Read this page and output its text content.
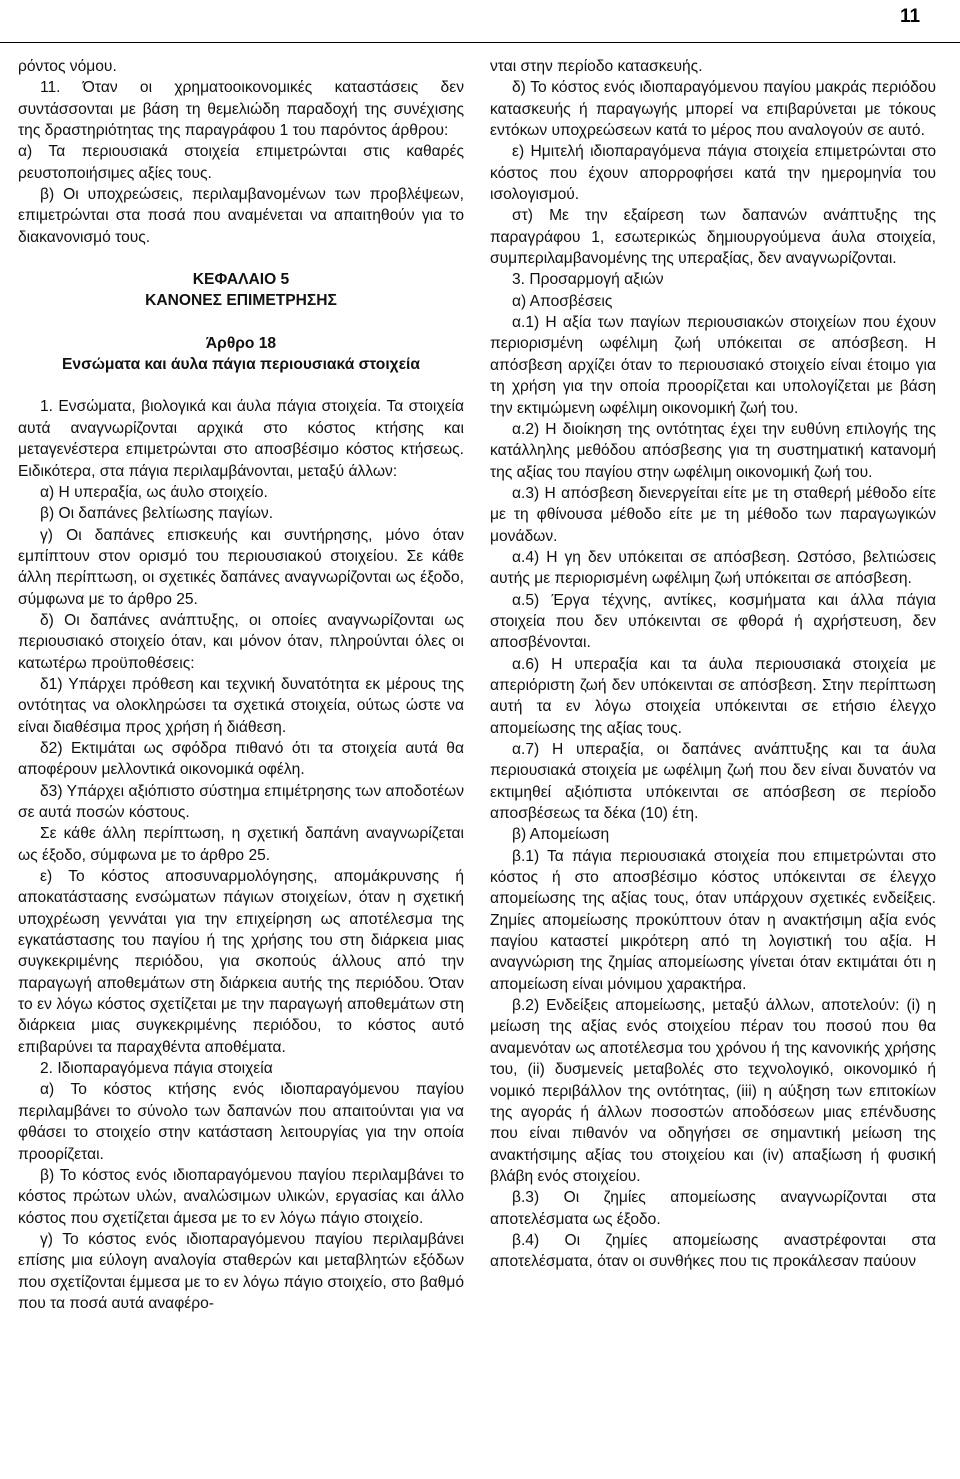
11

ρόντος νόμου.

11. Όταν οι χρηματοοικονομικές καταστάσεις δεν συντάσσονται με βάση τη θεμελιώδη παραδοχή της συνέχισης της δραστηριότητας της παραγράφου 1 του παρόντος άρθρου:

α) Τα περιουσιακά στοιχεία επιμετρώνται στις καθαρές ρευστοποιήσιμες αξίες τους.

β) Οι υποχρεώσεις, περιλαμβανομένων των προβλέψεων, επιμετρώνται στα ποσά που αναμένεται να απαιτηθούν για το διακανονισμό τους.

ΚΕΦΑΛΑΙΟ 5

ΚΑΝΟΝΕΣ ΕΠΙΜΕΤΡΗΣΗΣ

Άρθρο 18

Ενσώματα και άυλα πάγια περιουσιακά στοιχεία

1. Ενσώματα, βιολογικά και άυλα πάγια στοιχεία. Τα στοιχεία αυτά αναγνωρίζονται αρχικά στο κόστος κτήσης και μεταγενέστερα επιμετρώνται στο αποσβέσιμο κόστος κτήσεως. Ειδικότερα, στα πάγια περιλαμβάνονται, μεταξύ άλλων:

α) Η υπεραξία, ως άυλο στοιχείο.

β) Οι δαπάνες βελτίωσης παγίων.

γ) Οι δαπάνες επισκευής και συντήρησης, μόνο όταν εμπίπτουν στον ορισμό του περιουσιακού στοιχείου. Σε κάθε άλλη περίπτωση, οι σχετικές δαπάνες αναγνωρίζονται ως έξοδο, σύμφωνα με το άρθρο 25.

δ) Οι δαπάνες ανάπτυξης, οι οποίες αναγνωρίζονται ως περιουσιακό στοιχείο όταν, και μόνον όταν, πληρούνται όλες οι κατωτέρω προϋποθέσεις:

δ1) Υπάρχει πρόθεση και τεχνική δυνατότητα εκ μέρους της οντότητας να ολοκληρώσει τα σχετικά στοιχεία, ούτως ώστε να είναι διαθέσιμα προς χρήση ή διάθεση.

δ2) Εκτιμάται ως σφόδρα πιθανό ότι τα στοιχεία αυτά θα αποφέρουν μελλοντικά οικονομικά οφέλη.

δ3) Υπάρχει αξιόπιστο σύστημα επιμέτρησης των αποδοτέων σε αυτά ποσών κόστους.

Σε κάθε άλλη περίπτωση, η σχετική δαπάνη αναγνωρίζεται ως έξοδο, σύμφωνα με το άρθρο 25.

ε) Το κόστος αποσυναρμολόγησης, απομάκρυνσης ή αποκατάστασης ενσώματων πάγιων στοιχείων, όταν η σχετική υποχρέωση γεννάται για την επιχείρηση ως αποτέλεσμα της εγκατάστασης του παγίου ή της χρήσης του στη διάρκεια μιας συγκεκριμένης περιόδου, για σκοπούς άλλους από την παραγωγή αποθεμάτων στη διάρκεια αυτής της περιόδου. Όταν το εν λόγω κόστος σχετίζεται με την παραγωγή αποθεμάτων στη διάρκεια μιας συγκεκριμένης περιόδου, το κόστος αυτό επιβαρύνει τα παραχθέντα αποθέματα.

2. Ιδιοπαραγόμενα πάγια στοιχεία

α) Το κόστος κτήσης ενός ιδιοπαραγόμενου παγίου περιλαμβάνει το σύνολο των δαπανών που απαιτούνται για να φθάσει το στοιχείο στην κατάσταση λειτουργίας για την οποία προορίζεται.

β) Το κόστος ενός ιδιοπαραγόμενου παγίου περιλαμβάνει το κόστος πρώτων υλών, αναλώσιμων υλικών, εργασίας και άλλο κόστος που σχετίζεται άμεσα με το εν λόγω πάγιο στοιχείο.

γ) Το κόστος ενός ιδιοπαραγόμενου παγίου περιλαμβάνει επίσης μια εύλογη αναλογία σταθερών και μεταβλητών εξόδων που σχετίζονται έμμεσα με το εν λόγω πάγιο στοιχείο, στο βαθμό που τα ποσά αυτά αναφέρο-

νται στην περίοδο κατασκευής.

δ) Το κόστος ενός ιδιοπαραγόμενου παγίου μακράς περιόδου κατασκευής ή παραγωγής μπορεί να επιβαρύνεται με τόκους εντόκων υποχρεώσεων κατά το μέρος που αναλογούν σε αυτό.

ε) Ημιτελή ιδιοπαραγόμενα πάγια στοιχεία επιμετρώνται στο κόστος που έχουν απορροφήσει κατά την ημερομηνία του ισολογισμού.

στ) Με την εξαίρεση των δαπανών ανάπτυξης της παραγράφου 1, εσωτερικώς δημιουργούμενα άυλα στοιχεία, συμπεριλαμβανομένης της υπεραξίας, δεν αναγνωρίζονται.

3. Προσαρμογή αξιών

α) Αποσβέσεις

α.1) Η αξία των παγίων περιουσιακών στοιχείων που έχουν περιορισμένη ωφέλιμη ζωή υπόκειται σε απόσβεση. Η απόσβεση αρχίζει όταν το περιουσιακό στοιχείο είναι έτοιμο για τη χρήση για την οποία προορίζεται και υπολογίζεται με βάση την εκτιμώμενη ωφέλιμη οικονομική ζωή του.

α.2) Η διοίκηση της οντότητας έχει την ευθύνη επιλογής της κατάλληλης μεθόδου απόσβεσης για τη συστηματική κατανομή της αξίας του παγίου στην ωφέλιμη οικονομική ζωή του.

α.3) Η απόσβεση διενεργείται είτε με τη σταθερή μέθοδο είτε με τη φθίνουσα μέθοδο είτε με τη μέθοδο των παραγωγικών μονάδων.

α.4) Η γη δεν υπόκειται σε απόσβεση. Ωστόσο, βελτιώσεις αυτής με περιορισμένη ωφέλιμη ζωή υπόκειται σε απόσβεση.

α.5) Έργα τέχνης, αντίκες, κοσμήματα και άλλα πάγια στοιχεία που δεν υπόκεινται σε φθορά ή αχρήστευση, δεν αποσβένονται.

α.6) Η υπεραξία και τα άυλα περιουσιακά στοιχεία με απεριόριστη ζωή δεν υπόκεινται σε απόσβεση. Στην περίπτωση αυτή τα εν λόγω στοιχεία υπόκεινται σε ετήσιο έλεγχο απομείωσης της αξίας τους.

α.7) Η υπεραξία, οι δαπάνες ανάπτυξης και τα άυλα περιουσιακά στοιχεία με ωφέλιμη ζωή που δεν είναι δυνατόν να εκτιμηθεί αξιόπιστα υπόκεινται σε απόσβεση σε περίοδο αποσβέσεως τα δέκα (10) έτη.

β) Απομείωση

β.1) Τα πάγια περιουσιακά στοιχεία που επιμετρώνται στο κόστος ή στο αποσβέσιμο κόστος υπόκεινται σε έλεγχο απομείωσης της αξίας τους, όταν υπάρχουν σχετικές ενδείξεις. Ζημίες απομείωσης προκύπτουν όταν η ανακτήσιμη αξία ενός παγίου καταστεί μικρότερη από τη λογιστική του αξία. Η αναγνώριση της ζημίας απομείωσης γίνεται όταν εκτιμάται ότι η απομείωση είναι μόνιμου χαρακτήρα.

β.2) Ενδείξεις απομείωσης, μεταξύ άλλων, αποτελούν: (i) η μείωση της αξίας ενός στοιχείου πέραν του ποσού που θα αναμενόταν ως αποτέλεσμα του χρόνου ή της κανονικής χρήσης του, (ii) δυσμενείς μεταβολές στο τεχνολογικό, οικονομικό ή νομικό περιβάλλον της οντότητας, (iii) η αύξηση των επιτοκίων της αγοράς ή άλλων ποσοστών αποδόσεων μιας επένδυσης που είναι πιθανόν να οδηγήσει σε σημαντική μείωση της ανακτήσιμης αξίας του στοιχείου και (iv) απαξίωση ή φυσική βλάβη ενός στοιχείου.

β.3) Οι ζημίες απομείωσης αναγνωρίζονται στα αποτελέσματα ως έξοδο.

β.4) Οι ζημίες απομείωσης αναστρέφονται στα αποτελέσματα, όταν οι συνθήκες που τις προκάλεσαν παύουν
